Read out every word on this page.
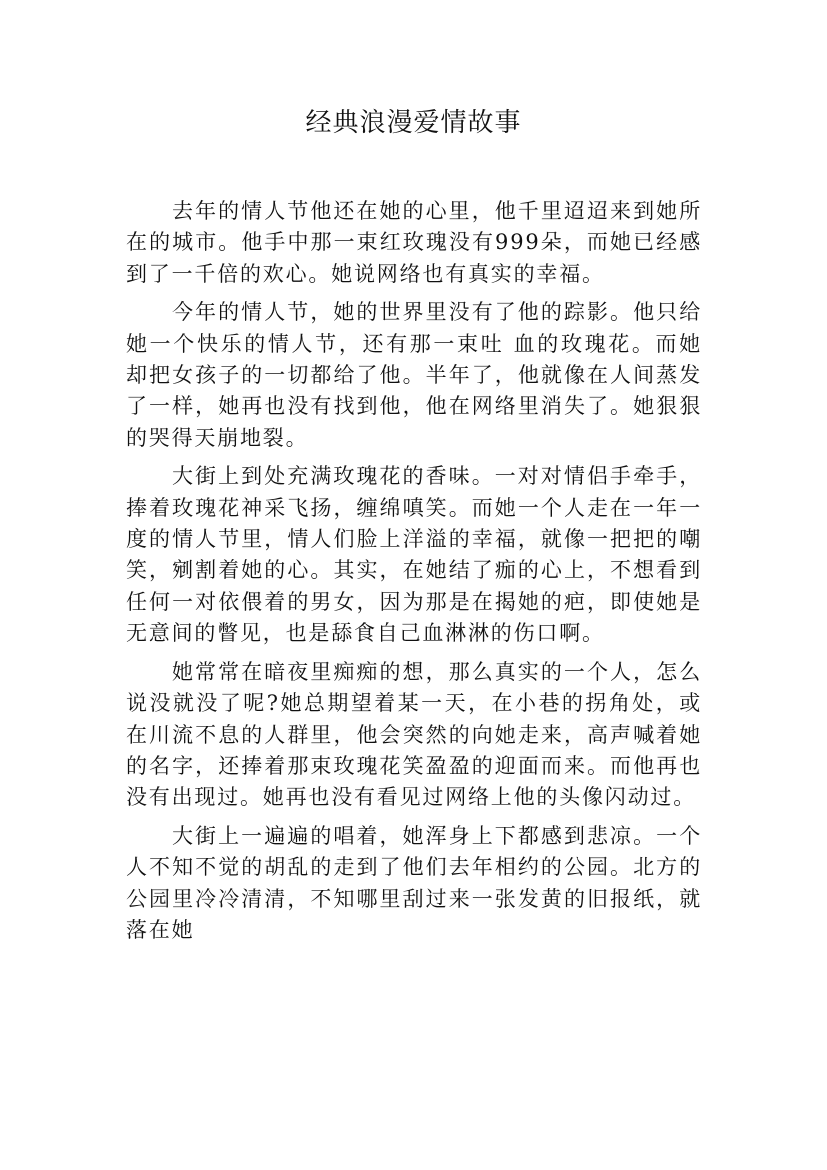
经典浪漫爱情故事

去年的情人节他还在她的心里，他千里迢迢来到她所在的城市。他手中那一束红玫瑰没有999朵，而她已经感到了一千倍的欢心。她说网络也有真实的幸福。

今年的情人节，她的世界里没有了他的踪影。他只给她一个快乐的情人节，还有那一束吐 血的玫瑰花。而她却把女孩子的一切都给了他。半年了，他就像在人间蒸发了一样，她再也没有找到他，他在网络里消失了。她狠狠的哭得天崩地裂。

大街上到处充满玫瑰花的香味。一对对情侣手牵手，捧着玫瑰花神采飞扬，缠绵嗔笑。而她一个人走在一年一度的情人节里，情人们脸上洋溢的幸福，就像一把把的嘲笑，剜割着她的心。其实，在她结了痂的心上，不想看到任何一对依偎着的男女，因为那是在揭她的疤，即使她是无意间的瞥见，也是舔食自己血淋淋的伤口啊。

她常常在暗夜里痴痴的想，那么真实的一个人，怎么说没就没了呢?她总期望着某一天，在小巷的拐角处，或在川流不息的人群里，他会突然的向她走来，高声喊着她的名字，还捧着那束玫瑰花笑盈盈的迎面而来。而他再也没有出现过。她再也没有看见过网络上他的头像闪动过。

大街上一遍遍的唱着，她浑身上下都感到悲凉。一个人不知不觉的胡乱的走到了他们去年相约的公园。北方的公园里冷冷清清，不知哪里刮过来一张发黄的旧报纸，就落在她
